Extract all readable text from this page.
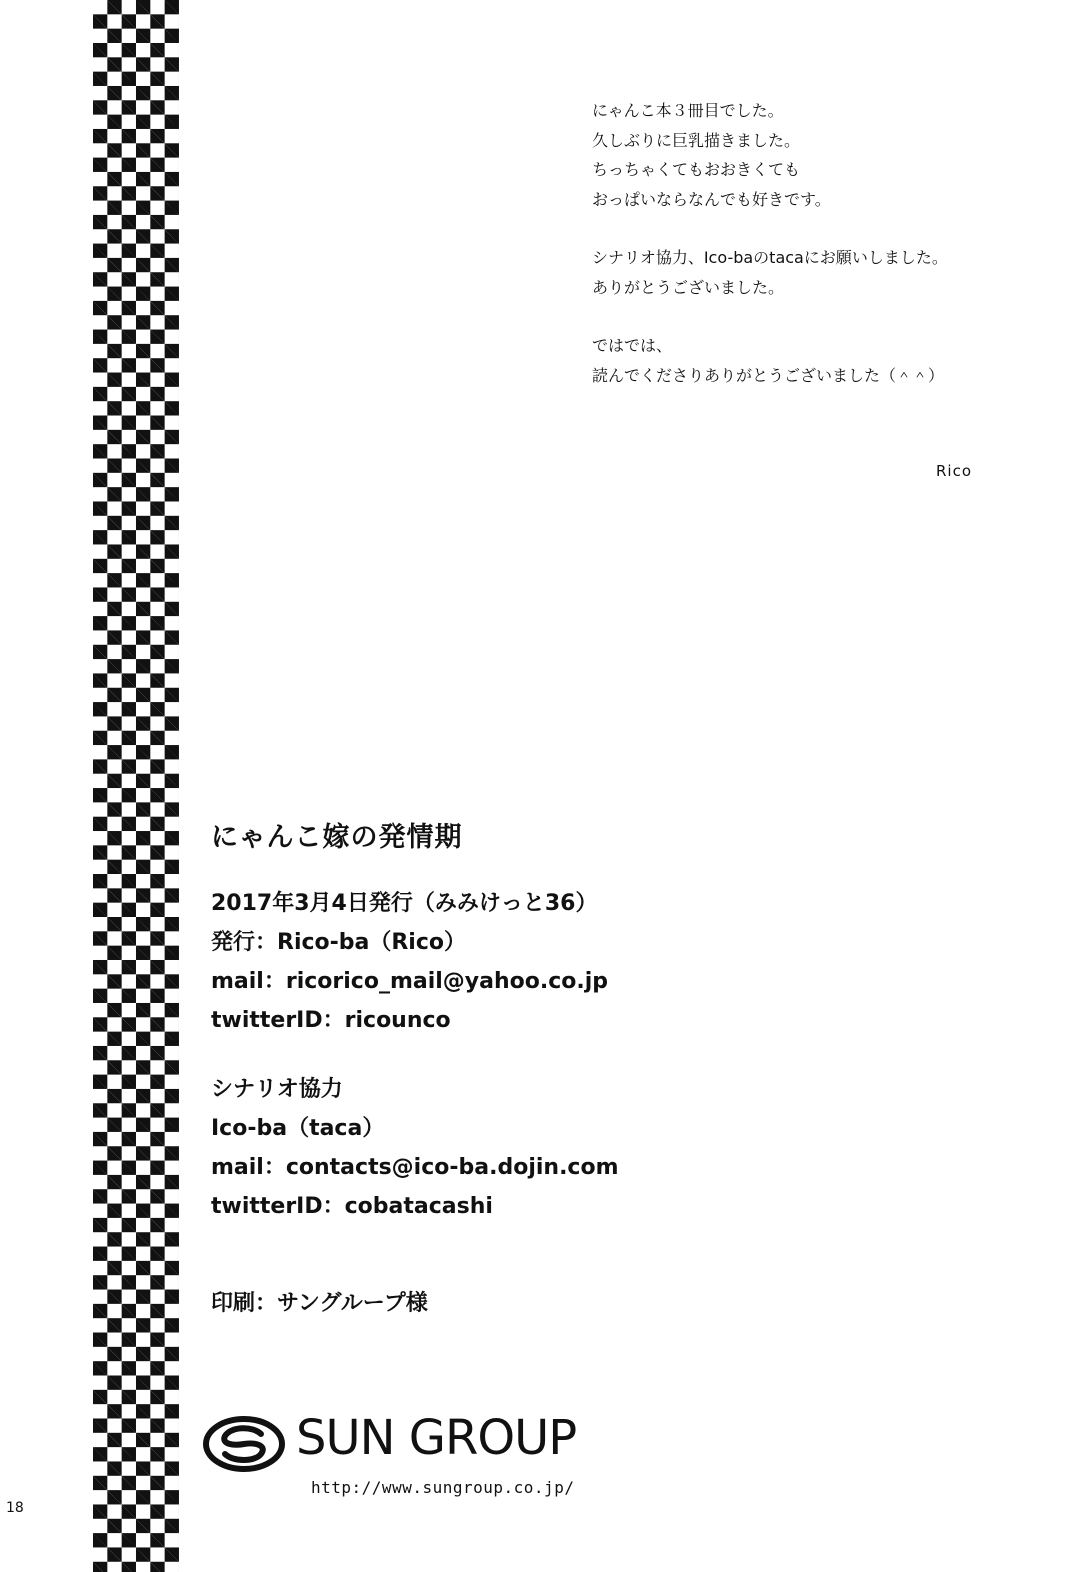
にゃんこ本３冊目でした。

久しぶりに巨乳描きました。

ちっちゃくてもおおきくても

おっぱいならなんでも好きです。

シナリオ協力、Ico-baのtacaにお願いしました。

ありがとうございました。

ではでは、

読んでくださりありがとうございました（＾＾）

Rico
にゃんこ嫁の発情期
2017年3月4日発行（みみけっと36）
発行：Rico-ba（Rico）
mail：ricorico_mail@yahoo.co.jp
twitterID：ricounco
シナリオ協力
Ico-ba（taca）
mail：contacts@ico-ba.dojin.com
twitterID：cobatacashi
印刷：サングループ様
SUN GROUP
http://www.sungroup.co.jp/
18
